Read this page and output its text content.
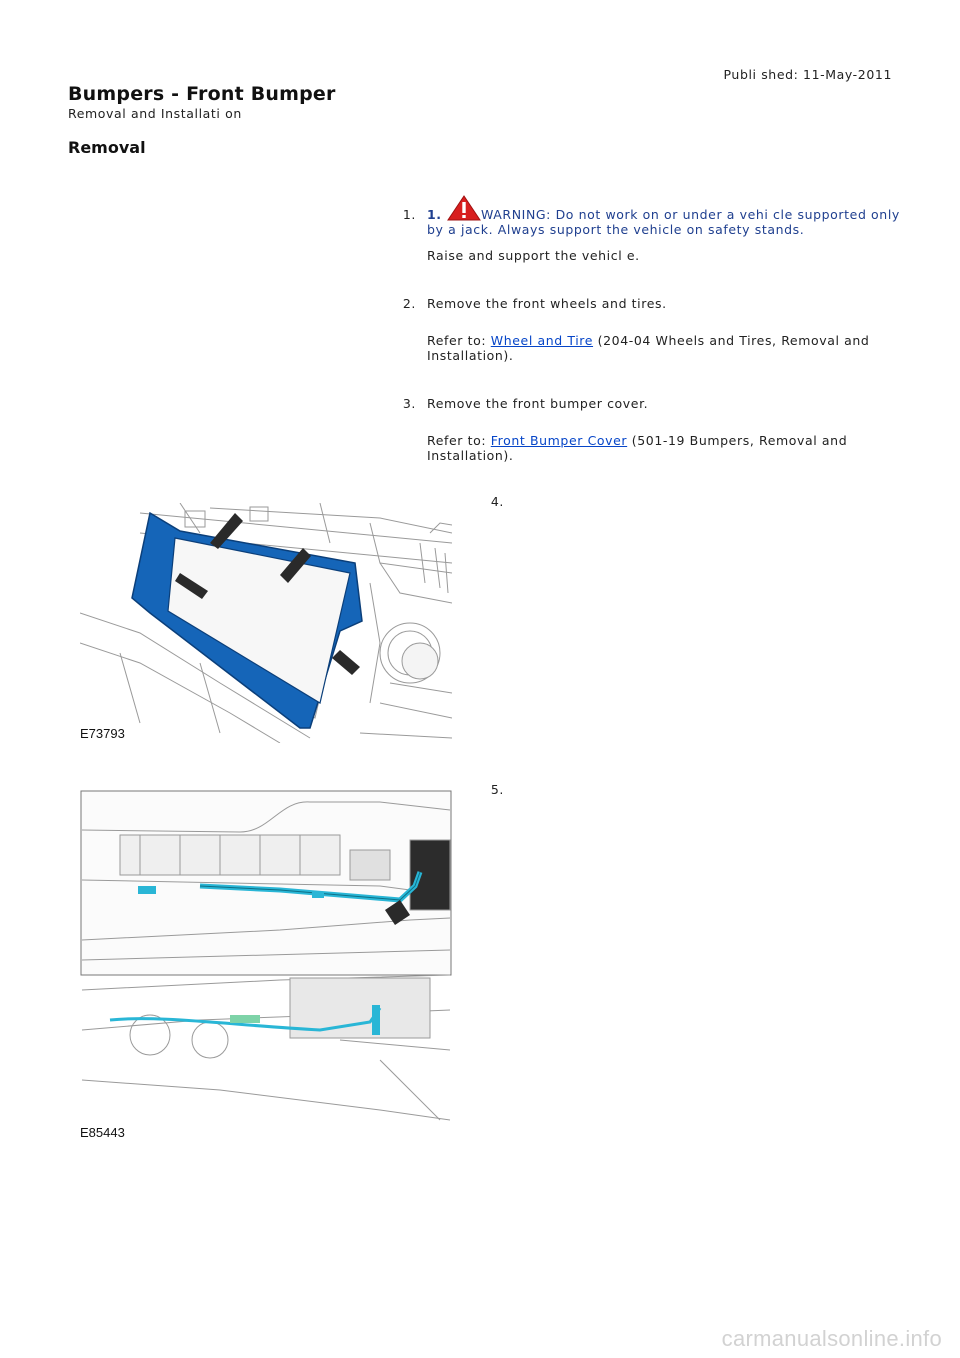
Publi shed: 11-May-2011
Bumpers - Front Bumper
Removal and Installati on
Removal
1. 1.	WARNING: Do not work on or under a vehi cle supported only
by a jack. Always support the vehicle on safety stands.
Raise and support the vehicl e.
2. Remove the front wheels and tires.
Refer to: Wheel and Tire (204-04 Wheels and Tires, Removal and
Installation).
3. Remove the front bumper cover.
Refer to: Front Bumper Cover (501-19 Bumpers, Removal and
Installation).
4.
E73793
5.
E85443
carmanualsonline.info
